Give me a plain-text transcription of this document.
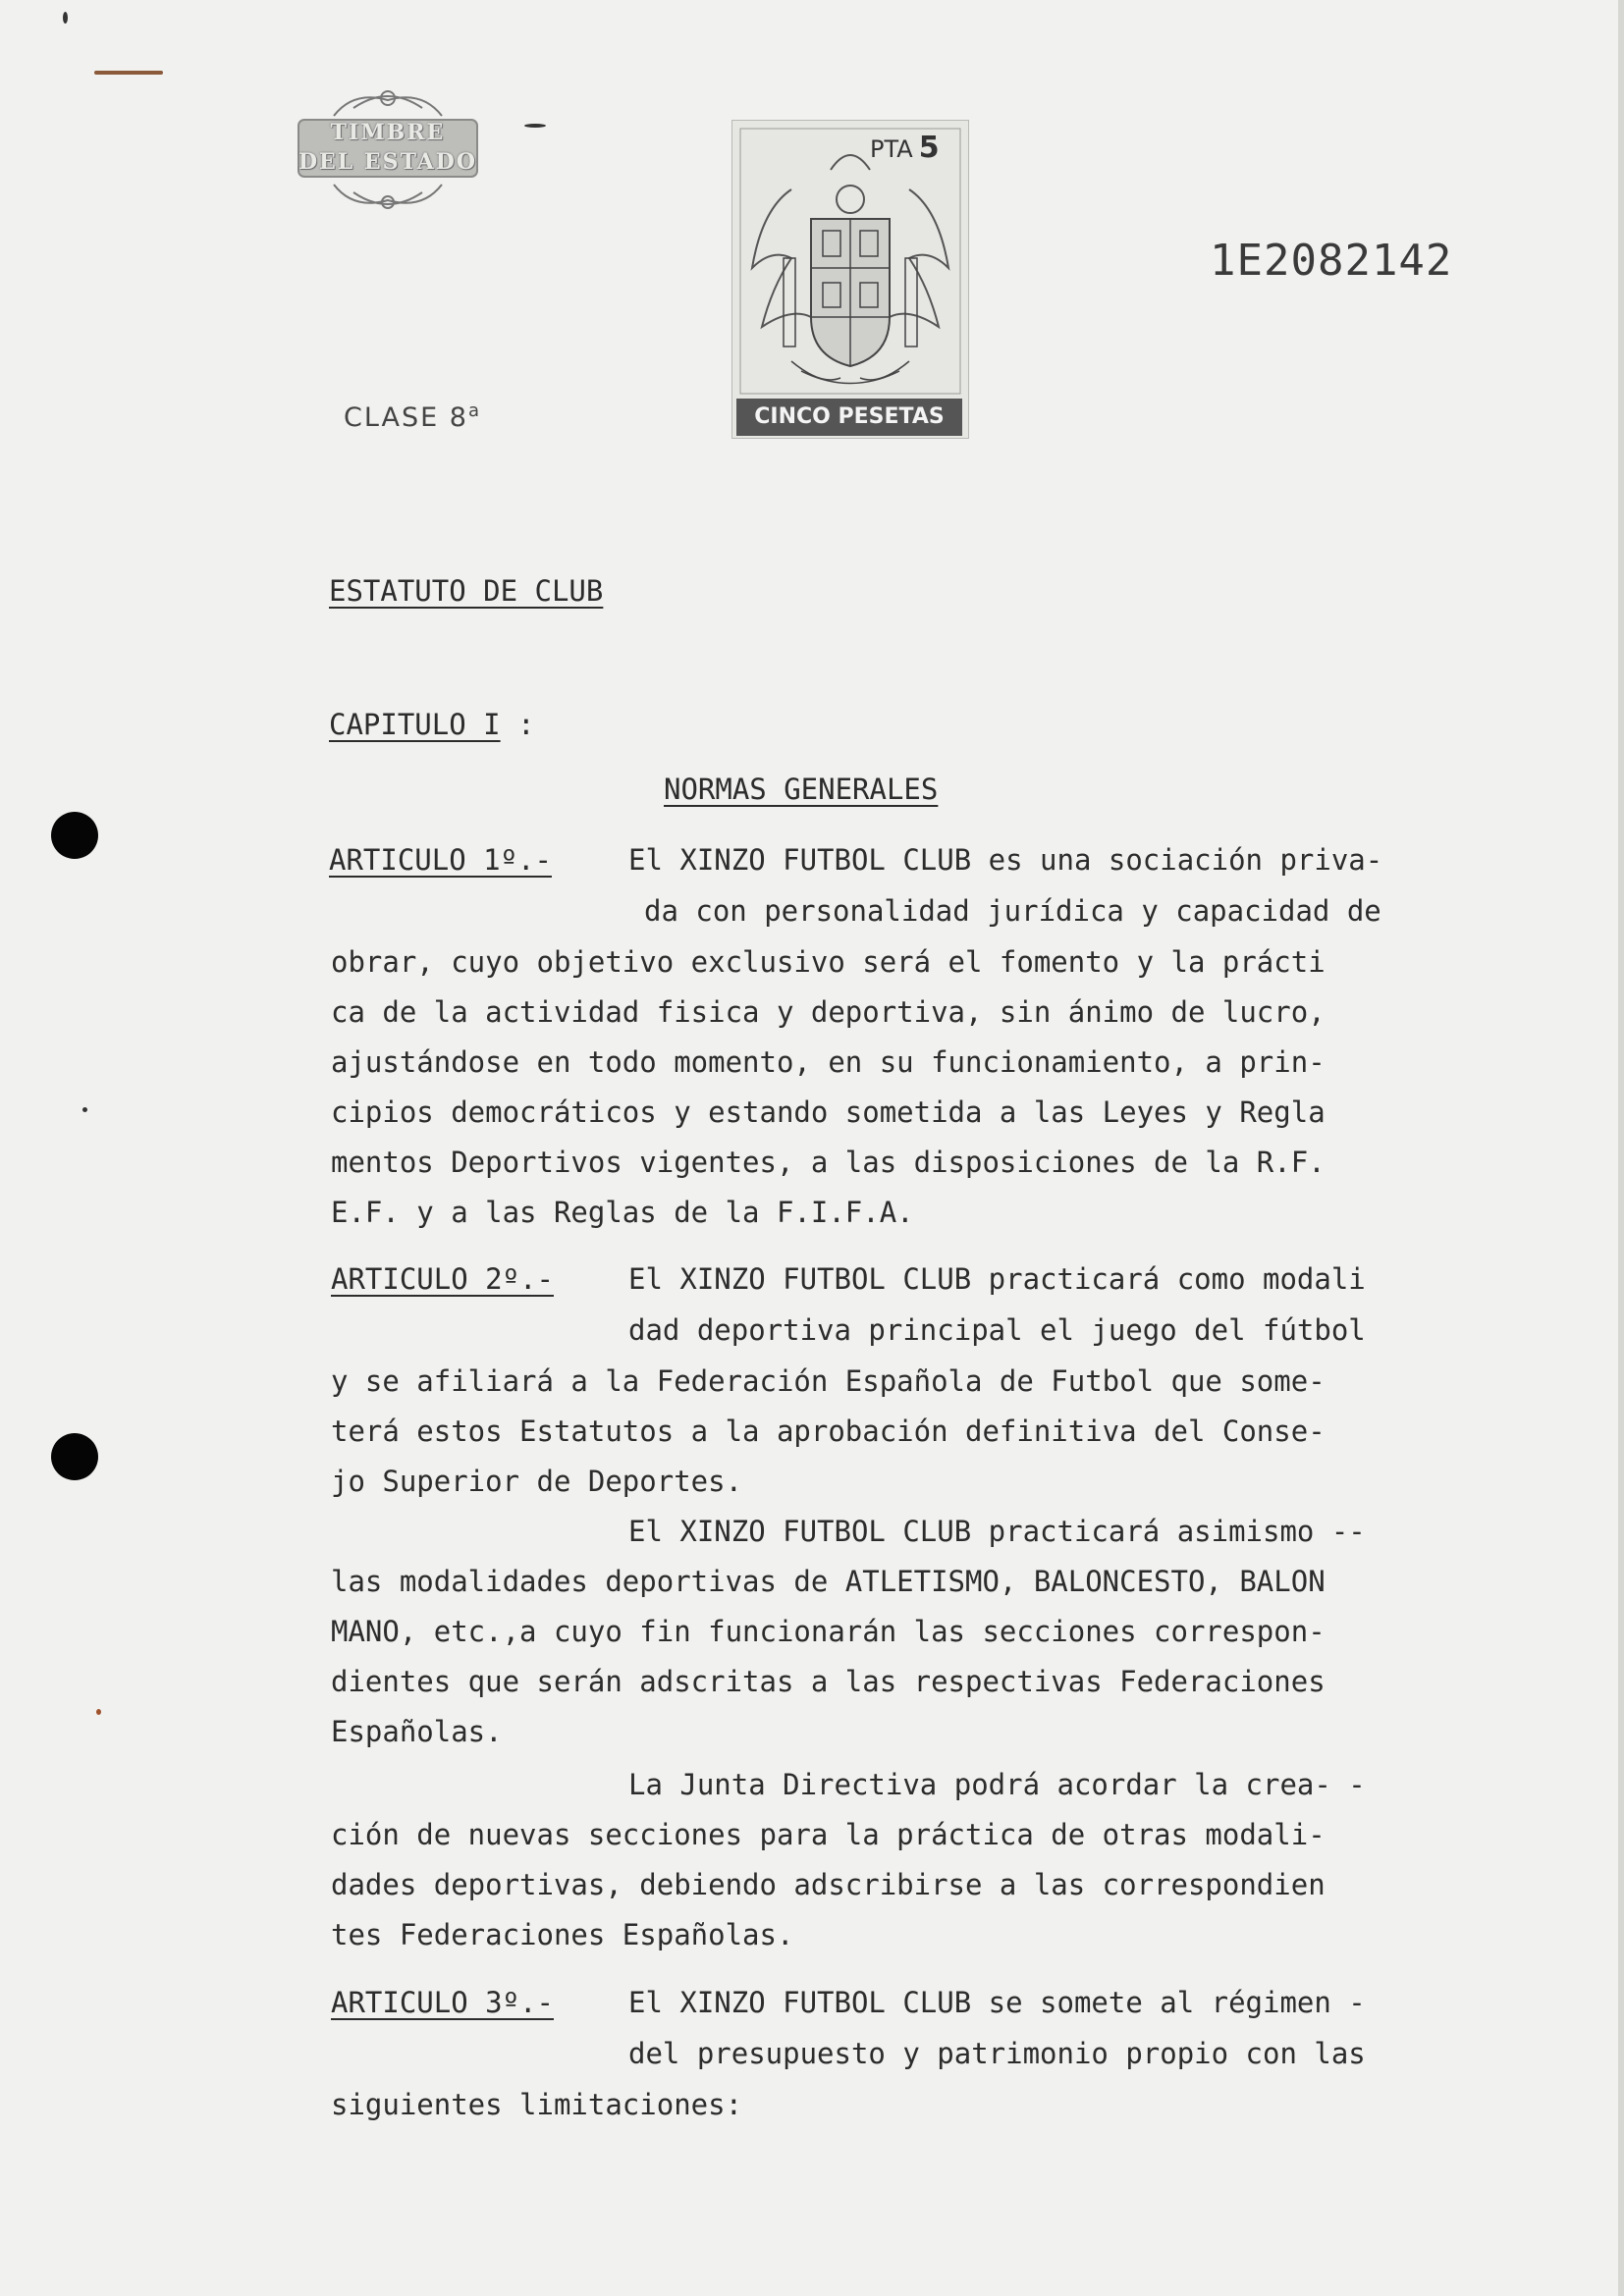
TIMBRE
DEL ESTADO	PTA 5
CINCO PESETAS
1E2082142
CLASE 8$^a$
ESTATUTO DE CLUB
CAPITULO I :
NORMAS GENERALES
ARTICULO 1º.-	El XINZO FUTBOL CLUB es una sociación priva-
da con personalidad jurídica y capacidad de
obrar, cuyo objetivo exclusivo será el fomento y la prácti
ca de la actividad fisica y deportiva, sin ánimo de lucro,
ajustándose en todo momento, en su funcionamiento, a prin-
cipios democráticos y estando sometida a las Leyes y Regla
mentos Deportivos vigentes, a las disposiciones de la R.F.
E.F. y a las Reglas de la F.I.F.A.
ARTICULO 2º.-	El XINZO FUTBOL CLUB practicará como modali
dad deportiva principal el juego del fútbol
y se afiliará a la Federación Española de Futbol que some-
terá estos Estatutos a la aprobación definitiva del Conse-
jo Superior de Deportes.
El XINZO FUTBOL CLUB practicará asimismo --
las modalidades deportivas de ATLETISMO, BALONCESTO, BALON
MANO, etc.,a cuyo fin funcionarán las secciones correspon-
dientes que serán adscritas a las respectivas Federaciones
Españolas.
La Junta Directiva podrá acordar la crea- -
ción de nuevas secciones para la práctica de otras modali-
dades deportivas, debiendo adscribirse a las correspondien
tes Federaciones Españolas.
ARTICULO 3º.-	El XINZO FUTBOL CLUB se somete al régimen -
del presupuesto y patrimonio propio con las
siguientes limitaciones:
